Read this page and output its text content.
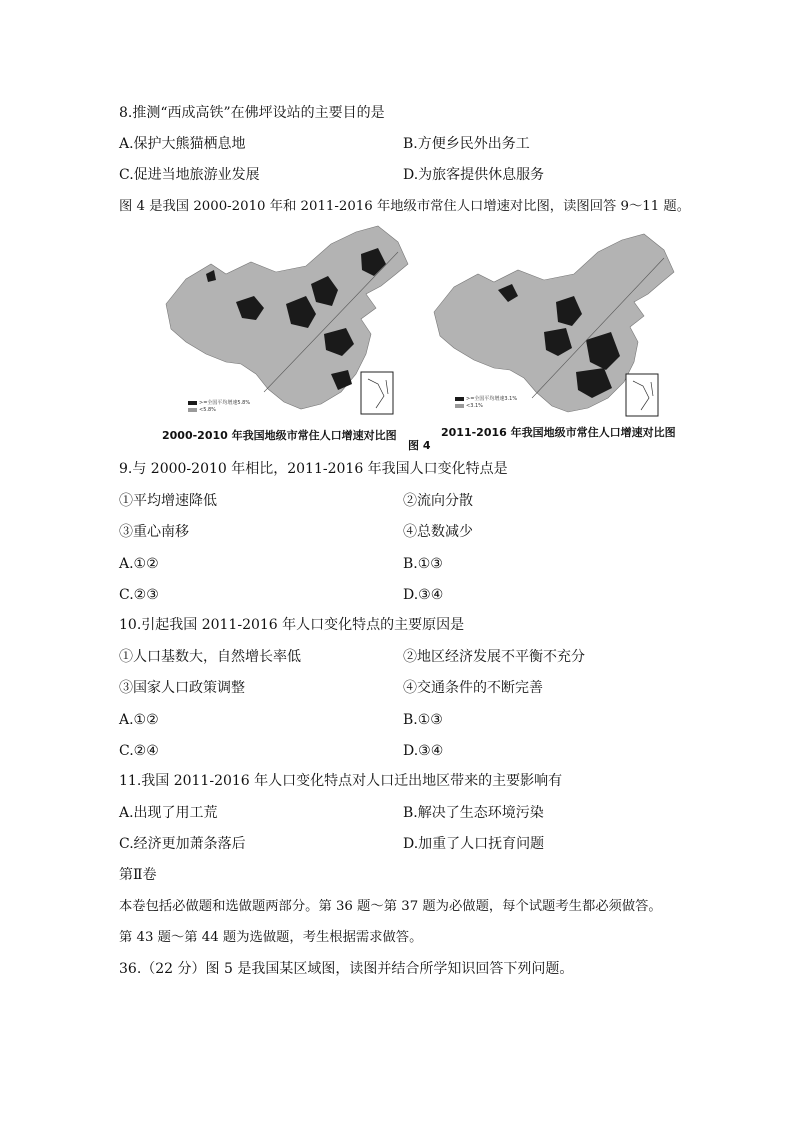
8.推测“西成高铁”在佛坪设站的主要目的是
A.保护大熊猫栖息地	B.方便乡民外出务工
C.促进当地旅游业发展	D.为旅客提供休息服务
图 4 是我国 2000-2010 年和 2011-2016 年地级市常住人口增速对比图，读图回答 9～11 题。
>=全国平均增速5.8%
<5.8%
>=全国平均增速3.1%
<3.1%
2000-2010 年我国地级市常住人口增速对比图
图 4
2011-2016 年我国地级市常住人口增速对比图
9.与 2000-2010 年相比，2011-2016 年我国人口变化特点是
①平均增速降低	②流向分散
③重心南移	④总数减少
A.①②	B.①③
C.②③	D.③④
10.引起我国 2011-2016 年人口变化特点的主要原因是
①人口基数大，自然增长率低	②地区经济发展不平衡不充分
③国家人口政策调整	④交通条件的不断完善
A.①②	B.①③
C.②④	D.③④
11.我国 2011-2016 年人口变化特点对人口迁出地区带来的主要影响有
A.出现了用工荒	B.解决了生态环境污染
C.经济更加萧条落后	D.加重了人口抚育问题
第Ⅱ卷
本卷包括必做题和选做题两部分。第 36 题～第 37 题为必做题，每个试题考生都必须做答。
第 43 题～第 44 题为选做题，考生根据需求做答。
36.（22 分）图 5 是我国某区域图，读图并结合所学知识回答下列问题。
